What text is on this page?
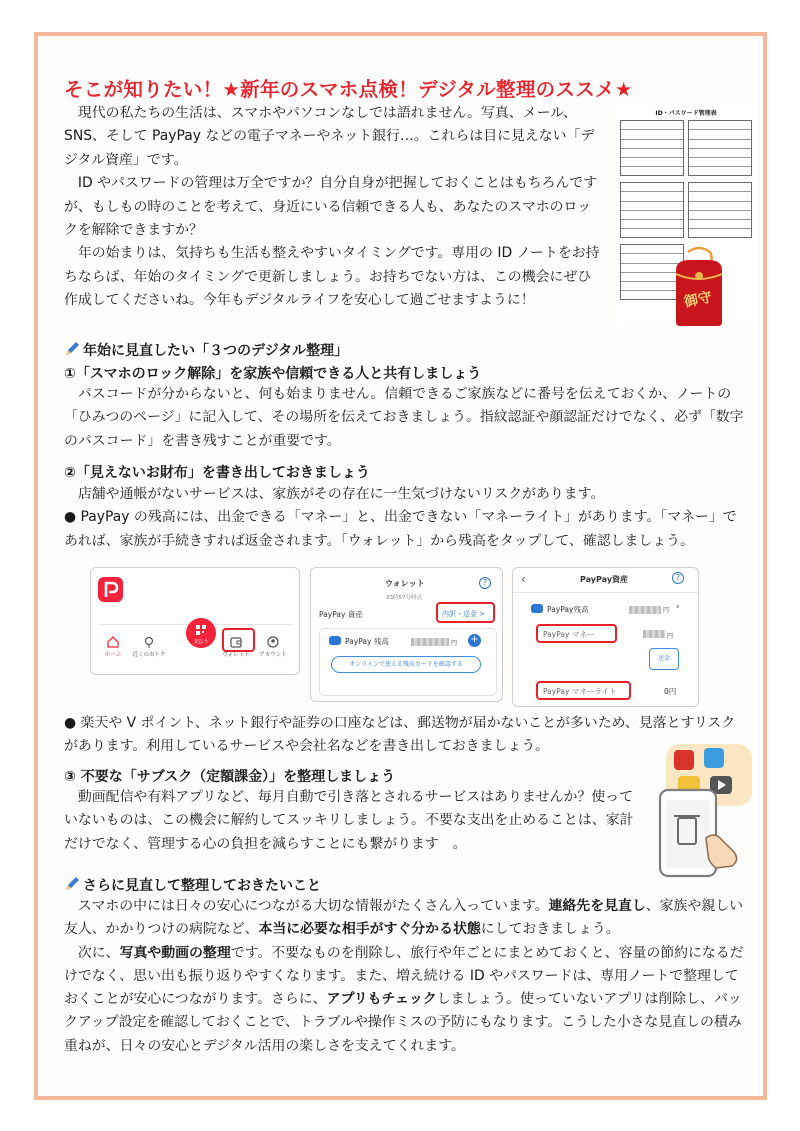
そこが知りたい！★新年のスマホ点検！デジタル整理のススメ★

現代の私たちの生活は、スマホやパソコンなしでは語れません。写真、メール、SNS、そして PayPay などの電子マネーやネット銀行…。これらは目に見えない「デジタル資産」です。

ID やパスワードの管理は万全ですか？自分自身が把握しておくことはもちろんですが、もしもの時のことを考えて、身近にいる信頼できる人も、あなたのスマホのロックを解除できますか？

年の始まりは、気持ちも生活も整えやすいタイミングです。専用の ID ノートをお持ちならば、年始のタイミングで更新しましょう。お持ちでない方は、この機会にぜひ作成してくださいね。今年もデジタルライフを安心して過ごせますように！

ID・パスワード管理表
御守
年始に見直したい「３つのデジタル整理」
①「スマホのロック解除」を家族や信頼できる人と共有しましょう

パスコードが分からないと、何も始まりません。信頼できるご家族などに番号を伝えておくか、ノートの「ひみつのページ」に記入して、その場所を伝えておきましょう。指紋認証や顔認証だけでなく、必ず「数字のパスコード」を書き残すことが重要です。

②「見えないお財布」を書き出しておきましょう

店舗や通帳がないサービスは、家族がその存在に一生気づけないリスクがあります。

● PayPay の残高には、出金できる「マネー」と、出金できない「マネーライト」があります。「マネー」であれば、家族が手続きすれば返金されます。「ウォレット」から残高をタップして、確認しましょう。

ホーム	近くのおトク
支払う
ウォレット	アカウント
ウォレット	?
23時57分時点
PayPay 資産	内訳・送金 >
PayPay 残高	円 +
オンラインで使える残高カードを確認する
‹	PayPay資産	?
PayPay残高	円 ›
PayPay マネー	円
送金
PayPay マネーライト	0円

● 楽天や V ポイント、ネット銀行や証券の口座などは、郵送物が届かないことが多いため、見落とすリスクがあります。利用しているサービスや会社名などを書き出しておきましょう。

③ 不要な「サブスク（定額課金）」を整理しましょう

動画配信や有料アプリなど、毎月自動で引き落とされるサービスはありませんか？使っていないものは、この機会に解約してスッキリしましょう。不要な支出を止めることは、家計だけでなく、管理する心の負担を減らすことにも繋がります　。

さらに見直して整理しておきたいこと

スマホの中には日々の安心につながる大切な情報がたくさん入っています。連絡先を見直し、家族や親しい友人、かかりつけの病院など、本当に必要な相手がすぐ分かる状態にしておきましょう。

次に、写真や動画の整理です。不要なものを削除し、旅行や年ごとにまとめておくと、容量の節約になるだけでなく、思い出も振り返りやすくなります。また、増え続ける ID やパスワードは、専用ノートで整理しておくことが安心につながります。さらに、アプリもチェックしましょう。使っていないアプリは削除し、バックアップ設定を確認しておくことで、トラブルや操作ミスの予防にもなります。こうした小さな見直しの積み重ねが、日々の安心とデジタル活用の楽しさを支えてくれます。
